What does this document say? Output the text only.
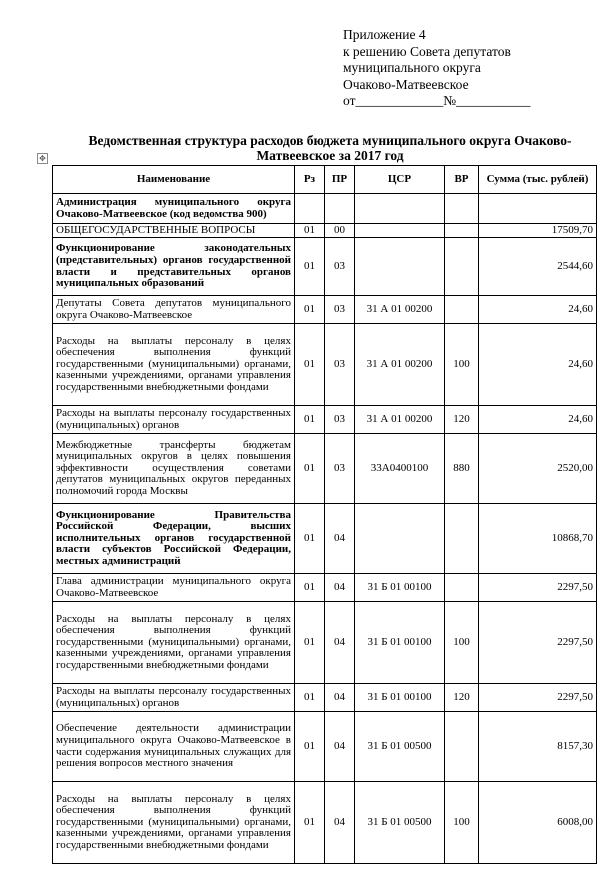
Приложение 4
к решению Совета депутатов
муниципального округа
Очаково-Матвеевское
от_____________№___________
Ведомственная структура расходов бюджета муниципального округа Очаково-Матвеевское за 2017 год
✥
Наименование	Рз	ПР	ЦСР	ВР	Сумма (тыс. рублей)
Администрация муниципального округа Очаково-Матвеевское (код ведомства 900)					
ОБЩЕГОСУДАРСТВЕННЫЕ ВОПРОСЫ	01	00			17509,70
Функционирование законодательных (представительных) органов государственной власти и представительных органов муниципальных образований	01	03			2544,60
Депутаты Совета депутатов муниципального округа Очаково-Матвеевское	01	03	31 А 01 00200		24,60
Расходы на выплаты персоналу в целях обеспечения выполнения функций государственными (муниципальными) органами, казенными учреждениями, органами управления государственными внебюджетными фондами	01	03	31 А 01 00200	100	24,60
Расходы на выплаты персоналу государственных (муниципальных) органов	01	03	31 А 01 00200	120	24,60
Межбюджетные трансферты бюджетам муниципальных округов в целях повышения эффективности осуществления советами депутатов муниципальных округов переданных полномочий города Москвы	01	03	33А0400100	880	2520,00
Функционирование Правительства Российской Федерации, высших исполнительных органов государственной власти субъектов Российской Федерации, местных администраций	01	04			10868,70
Глава администрации муниципального округа Очаково-Матвеевское	01	04	31 Б 01 00100		2297,50
Расходы на выплаты персоналу в целях обеспечения выполнения функций государственными (муниципальными) органами, казенными учреждениями, органами управления государственными внебюджетными фондами	01	04	31 Б 01 00100	100	2297,50
Расходы на выплаты персоналу государственных (муниципальных) органов	01	04	31 Б 01 00100	120	2297,50
Обеспечение деятельности администрации муниципального округа Очаково-Матвеевское в части содержания муниципальных служащих для решения вопросов местного значения	01	04	31 Б 01 00500		8157,30
Расходы на выплаты персоналу в целях обеспечения выполнения функций государственными (муниципальными) органами, казенными учреждениями, органами управления государственными внебюджетными фондами	01	04	31 Б 01 00500	100	6008,00
